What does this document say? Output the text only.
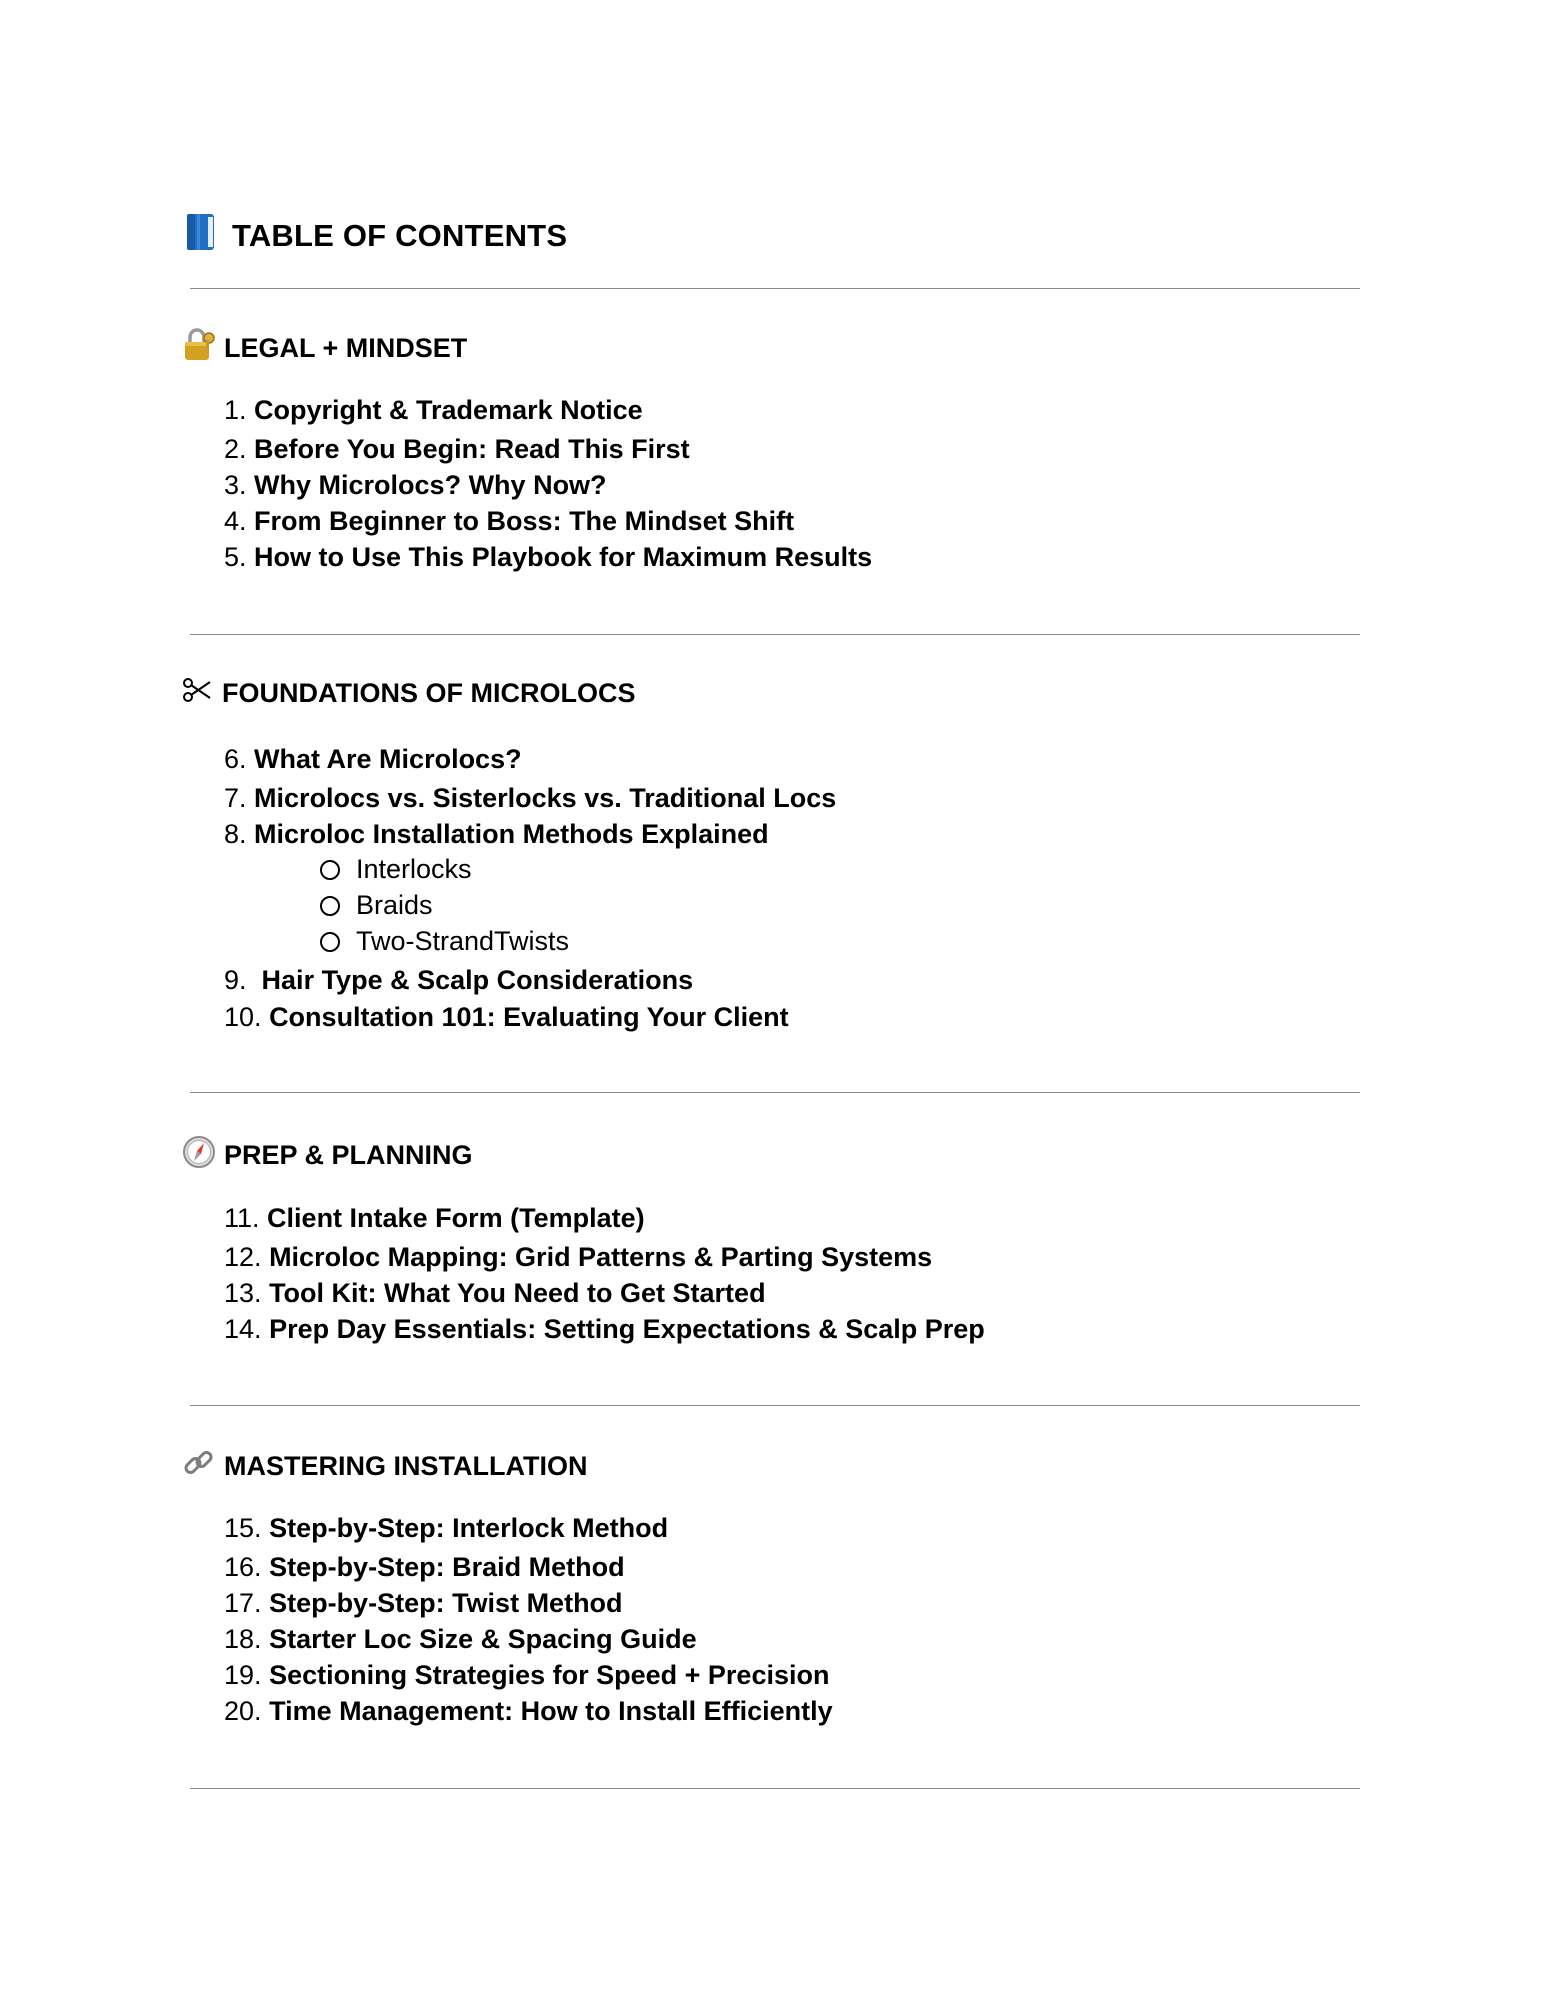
TABLE OF CONTENTS
LEGAL + MINDSET
1. Copyright & Trademark Notice
2. Before You Begin: Read This First
3. Why Microlocs? Why Now?
4. From Beginner to Boss: The Mindset Shift
5. How to Use This Playbook for Maximum Results
FOUNDATIONS OF MICROLOCS
6. What Are Microlocs?
7. Microlocs vs. Sisterlocks vs. Traditional Locs
8. Microloc Installation Methods Explained
Interlocks
Braids
Two-StrandTwists
9. Hair Type & Scalp Considerations
10. Consultation 101: Evaluating Your Client
PREP & PLANNING
11. Client Intake Form (Template)
12. Microloc Mapping: Grid Patterns & Parting Systems
13. Tool Kit: What You Need to Get Started
14. Prep Day Essentials: Setting Expectations & Scalp Prep
MASTERING INSTALLATION
15. Step-by-Step: Interlock Method
16. Step-by-Step: Braid Method
17. Step-by-Step: Twist Method
18. Starter Loc Size & Spacing Guide
19. Sectioning Strategies for Speed + Precision
20. Time Management: How to Install Efficiently
